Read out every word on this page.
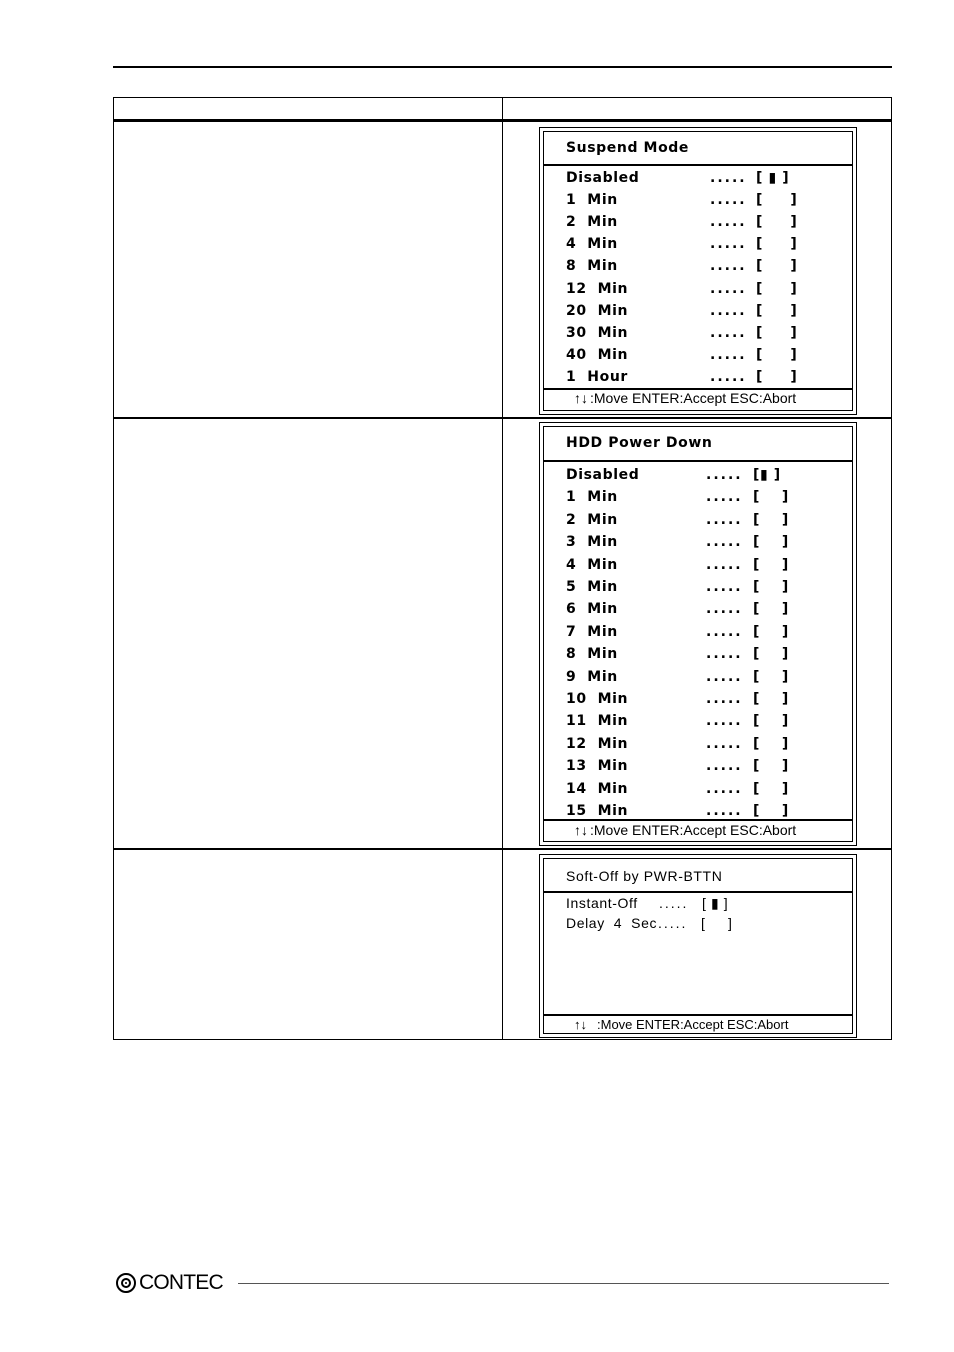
Suspend Mode
Disabled	..... [ ▮ ]
1  Min	..... [     ]
2  Min	..... [     ]
4  Min	..... [     ]
8  Min	..... [     ]
12  Min	..... [     ]
20  Min	..... [     ]
30  Min	..... [     ]
40  Min	..... [     ]
1  Hour	..... [     ]
↑↓ :Move ENTER:Accept ESC:Abort
HDD Power Down
Disabled	..... [▮ ]
1  Min	..... [    ]
2  Min	..... [    ]
3  Min	..... [    ]
4  Min	..... [    ]
5  Min	..... [    ]
6  Min	..... [    ]
7  Min	..... [    ]
8  Min	..... [    ]
9  Min	..... [    ]
10  Min	..... [    ]
11  Min	..... [    ]
12  Min	..... [    ]
13  Min	..... [    ]
14  Min	..... [    ]
15  Min	..... [    ]
↑↓ :Move ENTER:Accept ESC:Abort
Soft-Off by PWR-BTTN
Instant-Off ..... [ ▮ ]
Delay  4  Sec ..... [     ]
↑↓ :Move ENTER:Accept ESC:Abort
CONTEC
